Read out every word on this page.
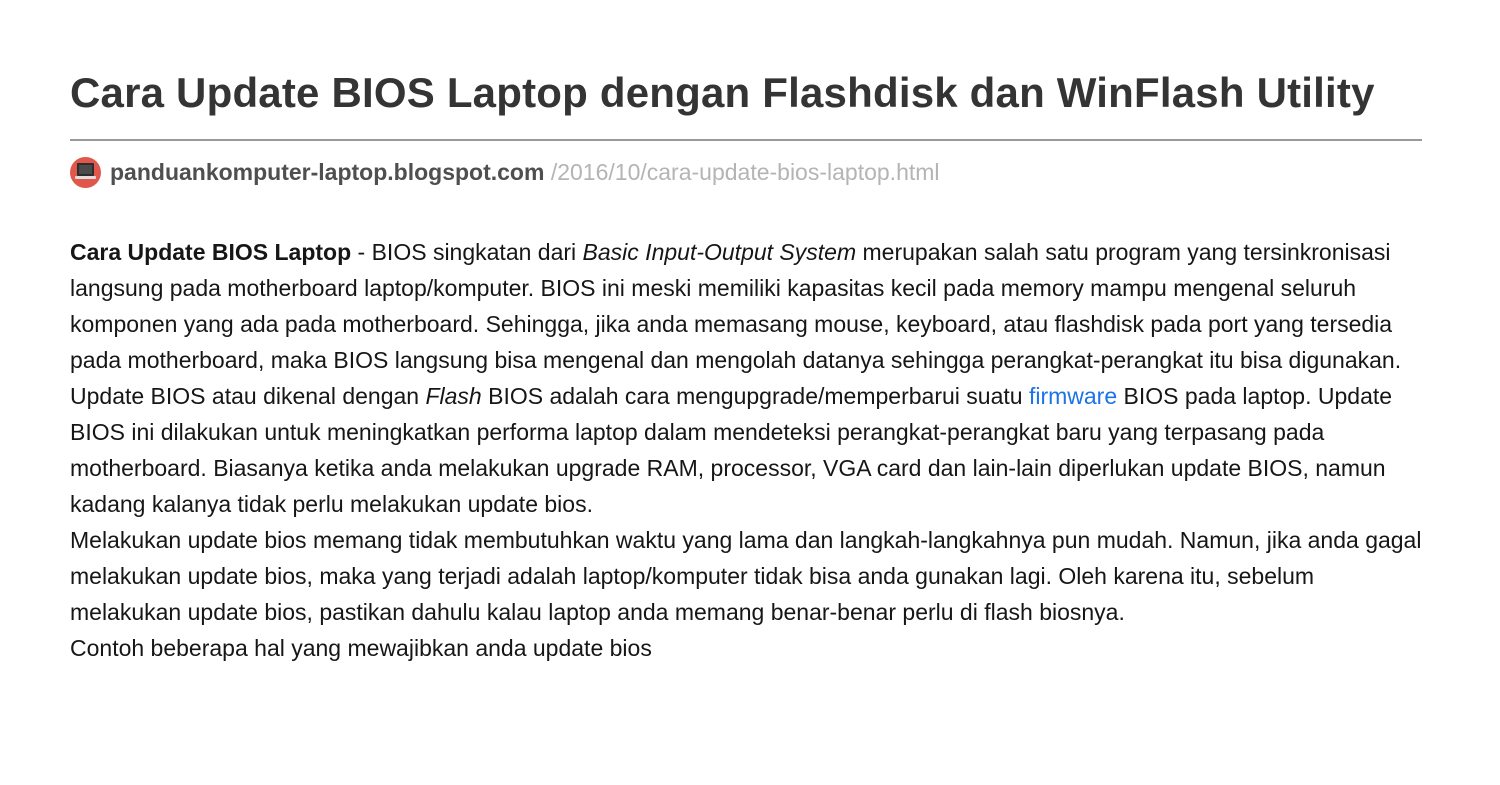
Cara Update BIOS Laptop dengan Flashdisk dan WinFlash Utility
panduankomputer-laptop.blogspot.com /2016/10/cara-update-bios-laptop.html

Cara Update BIOS Laptop - BIOS singkatan dari Basic Input-Output System merupakan salah satu program yang tersinkronisasi langsung pada motherboard laptop/komputer. BIOS ini meski memiliki kapasitas kecil pada memory mampu mengenal seluruh komponen yang ada pada motherboard. Sehingga, jika anda memasang mouse, keyboard, atau flashdisk pada port yang tersedia pada motherboard, maka BIOS langsung bisa mengenal dan mengolah datanya sehingga perangkat-perangkat itu bisa digunakan.

Update BIOS atau dikenal dengan Flash BIOS adalah cara mengupgrade/memperbarui suatu firmware BIOS pada laptop. Update BIOS ini dilakukan untuk meningkatkan performa laptop dalam mendeteksi perangkat-perangkat baru yang terpasang pada motherboard. Biasanya ketika anda melakukan upgrade RAM, processor, VGA card dan lain-lain diperlukan update BIOS, namun kadang kalanya tidak perlu melakukan update bios.

Melakukan update bios memang tidak membutuhkan waktu yang lama dan langkah-langkahnya pun mudah. Namun, jika anda gagal melakukan update bios, maka yang terjadi adalah laptop/komputer tidak bisa anda gunakan lagi. Oleh karena itu, sebelum melakukan update bios, pastikan dahulu kalau laptop anda memang benar-benar perlu di flash biosnya.

Contoh beberapa hal yang mewajibkan anda update bios
